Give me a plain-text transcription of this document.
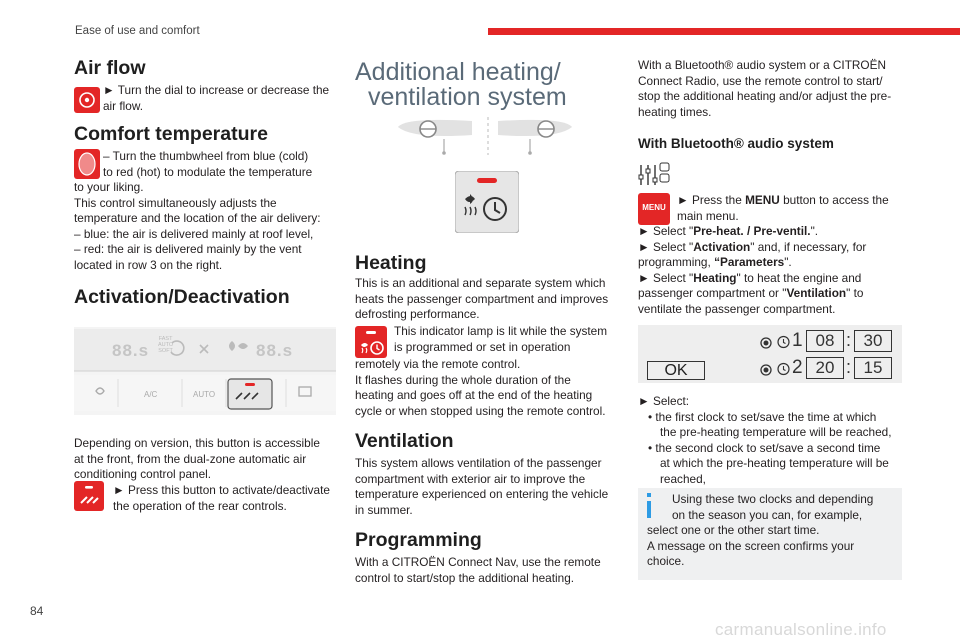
Ease of use and comfort
84
Air flow
► Turn the dial to increase or decrease the air flow.
Comfort temperature
– Turn the thumbwheel from blue (cold)
to red (hot) to modulate the temperature
to your liking.
This control simultaneously adjusts the
temperature and the location of the air delivery:
– blue: the air is delivered mainly at roof level,
– red: the air is delivered mainly by the vent
located in row 3 on the right.
Activation/Deactivation
88.s	88.s
FAST
AUTO
SOFT
A/C	AUTO
Depending on version, this button is accessible
at the front, from the dual-zone automatic air
conditioning control panel.
► Press this button to activate/deactivate
the operation of the rear controls.
Additional heating/
ventilation system
Heating
This is an additional and separate system which
heats the passenger compartment and improves
defrosting performance.
This indicator lamp is lit while the system
is programmed or set in operation
remotely via the remote control.
It flashes during the whole duration of the
heating and goes off at the end of the heating
cycle or when stopped using the remote control.
Ventilation
This system allows ventilation of the passenger
compartment with exterior air to improve the
temperature experienced on entering the vehicle
in summer.
Programming
With a CITROËN Connect Nav, use the remote
control to start/stop the additional heating.
With a Bluetooth® audio system or a CITROËN
Connect Radio, use the remote control to start/
stop the additional heating and/or adjust the pre-
heating times.
With Bluetooth® audio system
MENU
► Press the MENU button to access the
main menu.
► Select "Pre-heat. / Pre-ventil.".
► Select "Activation" and, if necessary, for
programming, “Parameters".
► Select "Heating" to heat the engine and
passenger compartment or "Ventilation" to
ventilate the passenger compartment.
OK
1 08 : 30
2 20 : 15
► Select:
• the first clock to set/save the time at which
the pre-heating temperature will be reached,
• the second clock to set/save a second time
at which the pre-heating temperature will be
reached,
Using these two clocks and depending
on the season you can, for example,
select one or the other start time.
A message on the screen confirms your
choice.
carmanualsonline.info
